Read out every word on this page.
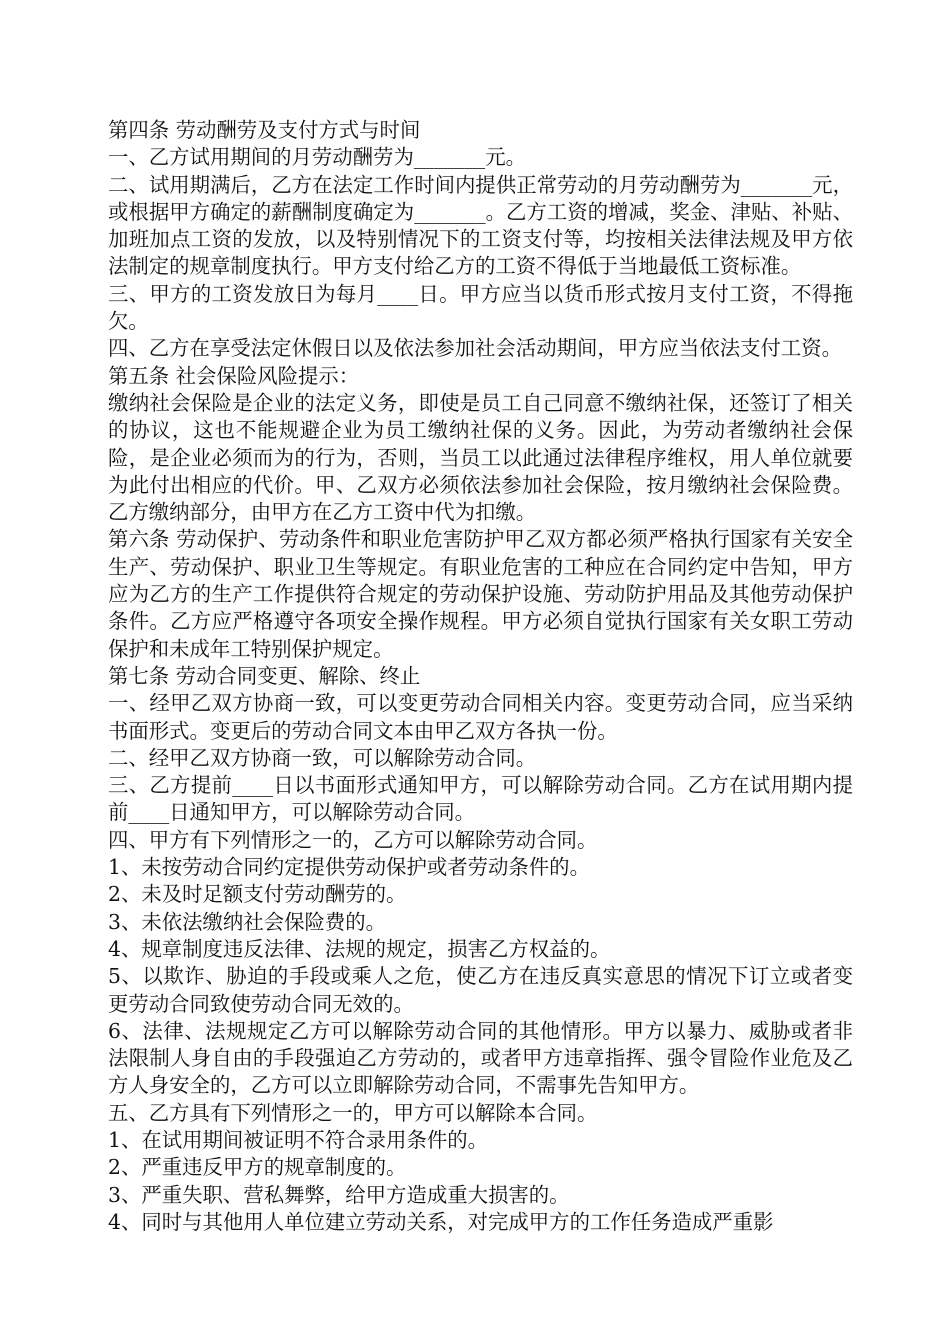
第四条 劳动酬劳及支付方式与时间

一、乙方试用期间的月劳动酬劳为_______元。

二、试用期满后，乙方在法定工作时间内提供正常劳动的月劳动酬劳为_______元，或根据甲方确定的薪酬制度确定为_______。乙方工资的增减，奖金、津贴、补贴、加班加点工资的发放，以及特别情况下的工资支付等，均按相关法律法规及甲方依法制定的规章制度执行。甲方支付给乙方的工资不得低于当地最低工资标准。

三、甲方的工资发放日为每月____日。甲方应当以货币形式按月支付工资，不得拖欠。

四、乙方在享受法定休假日以及依法参加社会活动期间，甲方应当依法支付工资。

第五条 社会保险风险提示：

缴纳社会保险是企业的法定义务，即使是员工自己同意不缴纳社保，还签订了相关的协议，这也不能规避企业为员工缴纳社保的义务。因此，为劳动者缴纳社会保险，是企业必须而为的行为，否则，当员工以此通过法律程序维权，用人单位就要为此付出相应的代价。甲、乙双方必须依法参加社会保险，按月缴纳社会保险费。乙方缴纳部分，由甲方在乙方工资中代为扣缴。

第六条 劳动保护、劳动条件和职业危害防护甲乙双方都必须严格执行国家有关安全生产、劳动保护、职业卫生等规定。有职业危害的工种应在合同约定中告知，甲方应为乙方的生产工作提供符合规定的劳动保护设施、劳动防护用品及其他劳动保护条件。乙方应严格遵守各项安全操作规程。甲方必须自觉执行国家有关女职工劳动保护和未成年工特别保护规定。

第七条 劳动合同变更、解除、终止

一、经甲乙双方协商一致，可以变更劳动合同相关内容。变更劳动合同，应当采纳书面形式。变更后的劳动合同文本由甲乙双方各执一份。

二、经甲乙双方协商一致，可以解除劳动合同。

三、乙方提前____日以书面形式通知甲方，可以解除劳动合同。乙方在试用期内提前____日通知甲方，可以解除劳动合同。

四、甲方有下列情形之一的，乙方可以解除劳动合同。

1、未按劳动合同约定提供劳动保护或者劳动条件的。

2、未及时足额支付劳动酬劳的。

3、未依法缴纳社会保险费的。

4、规章制度违反法律、法规的规定，损害乙方权益的。

5、以欺诈、胁迫的手段或乘人之危，使乙方在违反真实意思的情况下订立或者变更劳动合同致使劳动合同无效的。

6、法律、法规规定乙方可以解除劳动合同的其他情形。甲方以暴力、威胁或者非法限制人身自由的手段强迫乙方劳动的，或者甲方违章指挥、强令冒险作业危及乙方人身安全的，乙方可以立即解除劳动合同，不需事先告知甲方。

五、乙方具有下列情形之一的，甲方可以解除本合同。

1、在试用期间被证明不符合录用条件的。

2、严重违反甲方的规章制度的。

3、严重失职、营私舞弊，给甲方造成重大损害的。

4、同时与其他用人单位建立劳动关系，对完成甲方的工作任务造成严重影
